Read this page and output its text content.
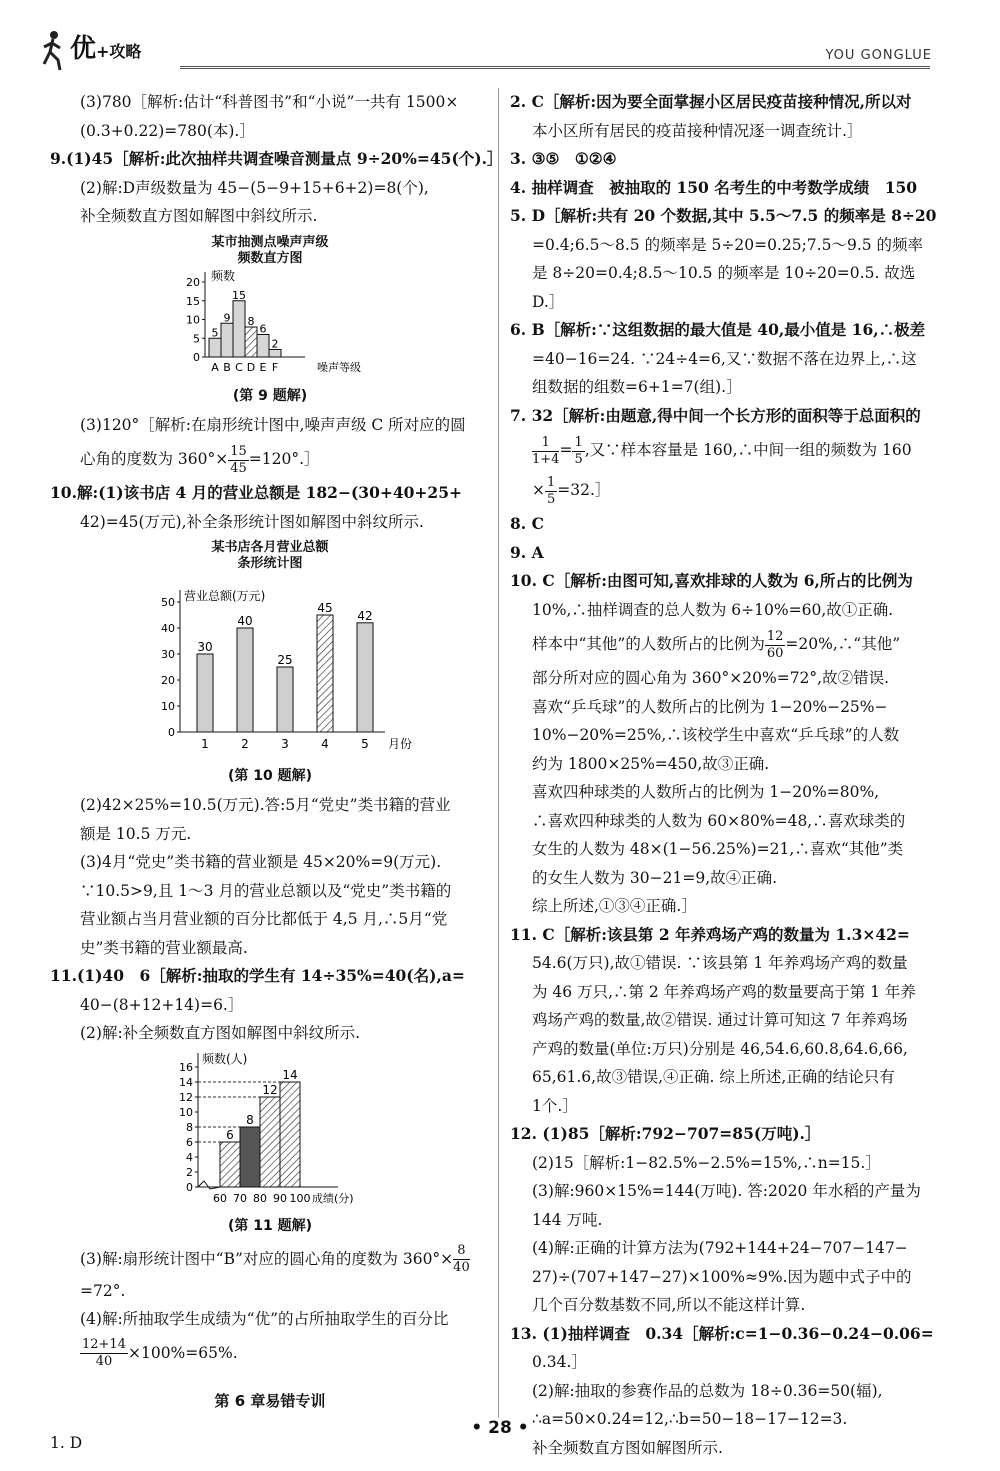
优+攻略	YOU GONGLUE

(3)780［解析:估计“科普图书”和“小说”一共有 1500×

(0.3+0.22)=780(本).］

9.(1)45［解析:此次抽样共调查噪音测量点 9÷20%=45(个).］

(2)解:D声级数量为 45−(5−9+15+6+2)=8(个),

补全频数直方图如解图中斜纹所示.

某市抽测点噪声声级
频数直方图
频数
0
5
10
15
20
5
A
9
B
15
C
8
D
6
E
2
F	噪声等级
(第 9 题解)

(3)120°［解析:在扇形统计图中,噪声声级 C 所对应的圆

心角的度数为 $360^\circ\times \frac{15}{45}$ =120°.］

10.解:(1)该书店 4 月的营业总额是 182−(30+40+25+

42)=45(万元),补全条形统计图如解图中斜纹所示.

某书店各月营业总额
条形统计图
营业总额(万元)
0
10
20
30
40
50
30
1
40
2
25
3
45
4
42
5 月份
(第 10 题解)

(2)42×25%=10.5(万元).答:5月“党史”类书籍的营业

额是 10.5 万元.

(3)4月“党史”类书籍的营业额是 45×20%=9(万元).

∵10.5>9,且 1～3 月的营业总额以及“党史”类书籍的

营业额占当月营业额的百分比都低于 4,5 月,∴5月“党

史”类书籍的营业额最高.

11.(1)40　6［解析:抽取的学生有 14÷35%=40(名),a=

40−(8+12+14)=6.］

(2)解:补全频数直方图如解图中斜纹所示.

频数(人)
0
2
4
6
8
10
12
14
16
6
8
12
14
60 70 80 90 100 成绩(分)
(第 11 题解)

(3)解:扇形统计图中“B”对应的圆心角的度数为 $360^\circ\times \frac{8}{40}$

=72°.

(4)解:所抽取学生成绩为“优”的占所抽取学生的百分比

$\frac{12+14}{40} \times 100\%=65\%$.

第 6 章易错专训

1. D

2. C［解析:因为要全面掌握小区居民疫苗接种情况,所以对

本小区所有居民的疫苗接种情况逐一调查统计.］

3. ③⑤　①②④

4. 抽样调查　被抽取的 150 名考生的中考数学成绩　150

5. D［解析:共有 20 个数据,其中 5.5～7.5 的频率是 8÷20

=0.4;6.5～8.5 的频率是 5÷20=0.25;7.5～9.5 的频率

是 8÷20=0.4;8.5～10.5 的频率是 10÷20=0.5. 故选

D.］

6. B［解析:∵这组数据的最大值是 40,最小值是 16,∴极差

=40−16=24. ∵24÷4=6,又∵数据不落在边界上,∴这

组数据的组数=6+1=7(组).］

7. 32［解析:由题意,得中间一个长方形的面积等于总面积的

$\frac{1}{1+4} = \frac{1}{5}$ ,又∵样本容量是 160,∴中间一组的频数为 160

× $\frac{1}{5}$ =32.］

8. C

9. A

10. C［解析:由图可知,喜欢排球的人数为 6,所占的比例为

10%,∴抽样调查的总人数为 6÷10%=60,故①正确.

样本中“其他”的人数所占的比例为 $\frac{12}{60}$ =20%,∴“其他”

部分所对应的圆心角为 360°×20%=72°,故②错误.

喜欢“乒乓球”的人数所占的比例为 1−20%−25%−

10%−20%=25%,∴该校学生中喜欢“乒乓球”的人数

约为 1800×25%=450,故③正确.

喜欢四种球类的人数所占的比例为 1−20%=80%,

∴喜欢四种球类的人数为 60×80%=48,∴喜欢球类的

女生的人数为 48×(1−56.25%)=21,∴喜欢“其他”类

的女生人数为 30−21=9,故④正确.

综上所述,①③④正确.］

11. C［解析:该县第 2 年养鸡场产鸡的数量为 1.3×42=

54.6(万只),故①错误. ∵该县第 1 年养鸡场产鸡的数量

为 46 万只,∴第 2 年养鸡场产鸡的数量要高于第 1 年养

鸡场产鸡的数量,故②错误. 通过计算可知这 7 年养鸡场

产鸡的数量(单位:万只)分别是 46,54.6,60.8,64.6,66,

65,61.6,故③错误,④正确. 综上所述,正确的结论只有

1个.］

12. (1)85［解析:792−707=85(万吨).］

(2)15［解析:1−82.5%−2.5%=15%,∴n=15.］

(3)解:960×15%=144(万吨). 答:2020 年水稻的产量为

144 万吨.

(4)解:正确的计算方法为(792+144+24−707−147−

27)÷(707+147−27)×100%≈9%.因为题中式子中的

几个百分数基数不同,所以不能这样计算.

13. (1)抽样调查　0.34［解析:c=1−0.36−0.24−0.06=

0.34.］

(2)解:抽取的参赛作品的总数为 18÷0.36=50(辐),

∴a=50×0.24=12,∴b=50−18−17−12=3.

补全频数直方图如解图所示.

• 28 •
